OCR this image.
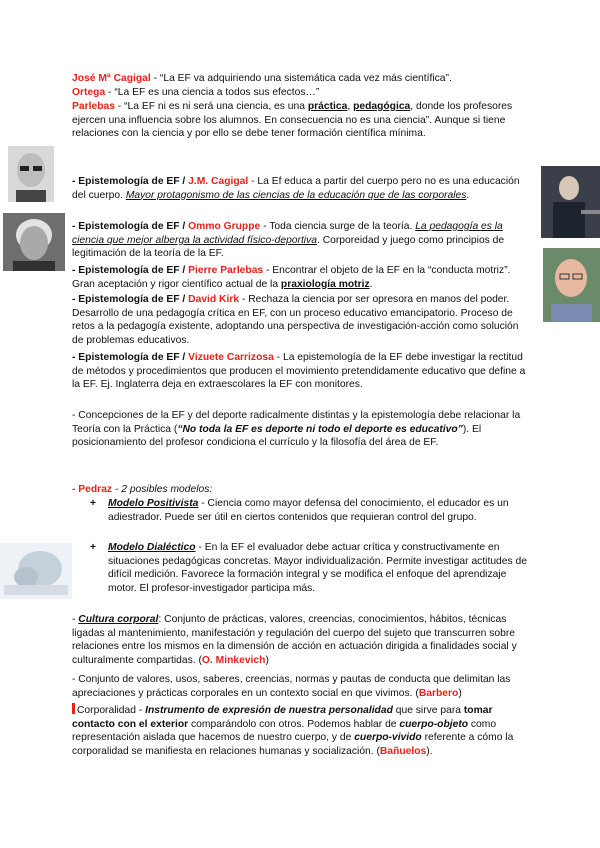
José Mª Cagigal - “La EF va adquiriendo una sistemática cada vez más científica”.

Ortega - “La EF es una ciencia a todos sus efectos…”

Parlebas - “La EF ni es ni será una ciencia, es una práctica, pedagógica, donde los profesores ejercen una influencia sobre los alumnos. En consecuencia no es una ciencia”. Aunque si tiene relaciones con la ciencia y por ello se debe tener formación científica mínima.

- Epistemología de EF / J.M. Cagigal - La Ef educa a partir del cuerpo pero no es una educación del cuerpo. Mayor protagonismo de las ciencias de la educación que de las corporales.

- Epistemología de EF / Ommo Gruppe - Toda ciencia surge de la teoría. La pedagogía es la ciencia que mejor alberga la actividad físico-deportiva. Corporeidad y juego como principios de legitimación de la teoría de la EF.

- Epistemología de EF / Pierre Parlebas - Encontrar el objeto de la EF en la “conducta motriz”. Gran aceptación y rigor científico actual de la praxiología motriz.

- Epistemología de EF / David Kirk - Rechaza la ciencia por ser opresora en manos del poder. Desarrollo de una pedagogía crítica en EF, con un proceso educativo emancipatorio. Proceso de retos a la pedagogía existente, adoptando una perspectiva de investigación-acción como solución de problemas educativos.

- Epistemología de EF / Vizuete Carrizosa - La epistemología de la EF debe investigar la rectitud de métodos y procedimientos que producen el movimiento pretendidamente educativo que define a la EF. Ej. Inglaterra deja en extraescolares la EF con monitores.

- Concepciones de la EF y del deporte radicalmente distintas y la epistemología debe relacionar la Teoría con la Práctica (“No toda la EF es deporte ni todo el deporte es educativo”). El posicionamiento del profesor condiciona el currículo y la filosofía del área de EF.

- Pedraz - 2 posibles modelos:

+	Modelo Positivista - Ciencia como mayor defensa del conocimiento, el educador es un adiestrador. Puede ser útil en ciertos contenidos que requieran control del grupo.

+	Modelo Dialéctico - En la EF el evaluador debe actuar crítica y constructivamente en situaciones pedagógicas concretas. Mayor individualización. Permite investigar actitudes de difícil medición. Favorece la formación integral y se modifica el enfoque del aprendizaje motor. El profesor-investigador participa más.

- Cultura corporal: Conjunto de prácticas, valores, creencias, conocimientos, hábitos, técnicas ligadas al mantenimiento, manifestación y regulación del cuerpo del sujeto que transcurren sobre relaciones entre los mismos en la dimensión de acción en actuación dirigida a finalidades social y culturalmente compartidas. (O. Minkevich)

- Conjunto de valores, usos, saberes, creencias, normas y pautas de conducta que delimitan las apreciaciones y prácticas corporales en un contexto social en que vivimos. (Barbero)

Corporalidad - Instrumento de expresión de nuestra personalidad que sirve para tomar contacto con el exterior comparándolo con otros. Podemos hablar de cuerpo-objeto como representación aislada que hacemos de nuestro cuerpo, y de cuerpo-vivido referente a cómo la corporalidad se manifiesta en relaciones humanas y socialización. (Bañuelos).
